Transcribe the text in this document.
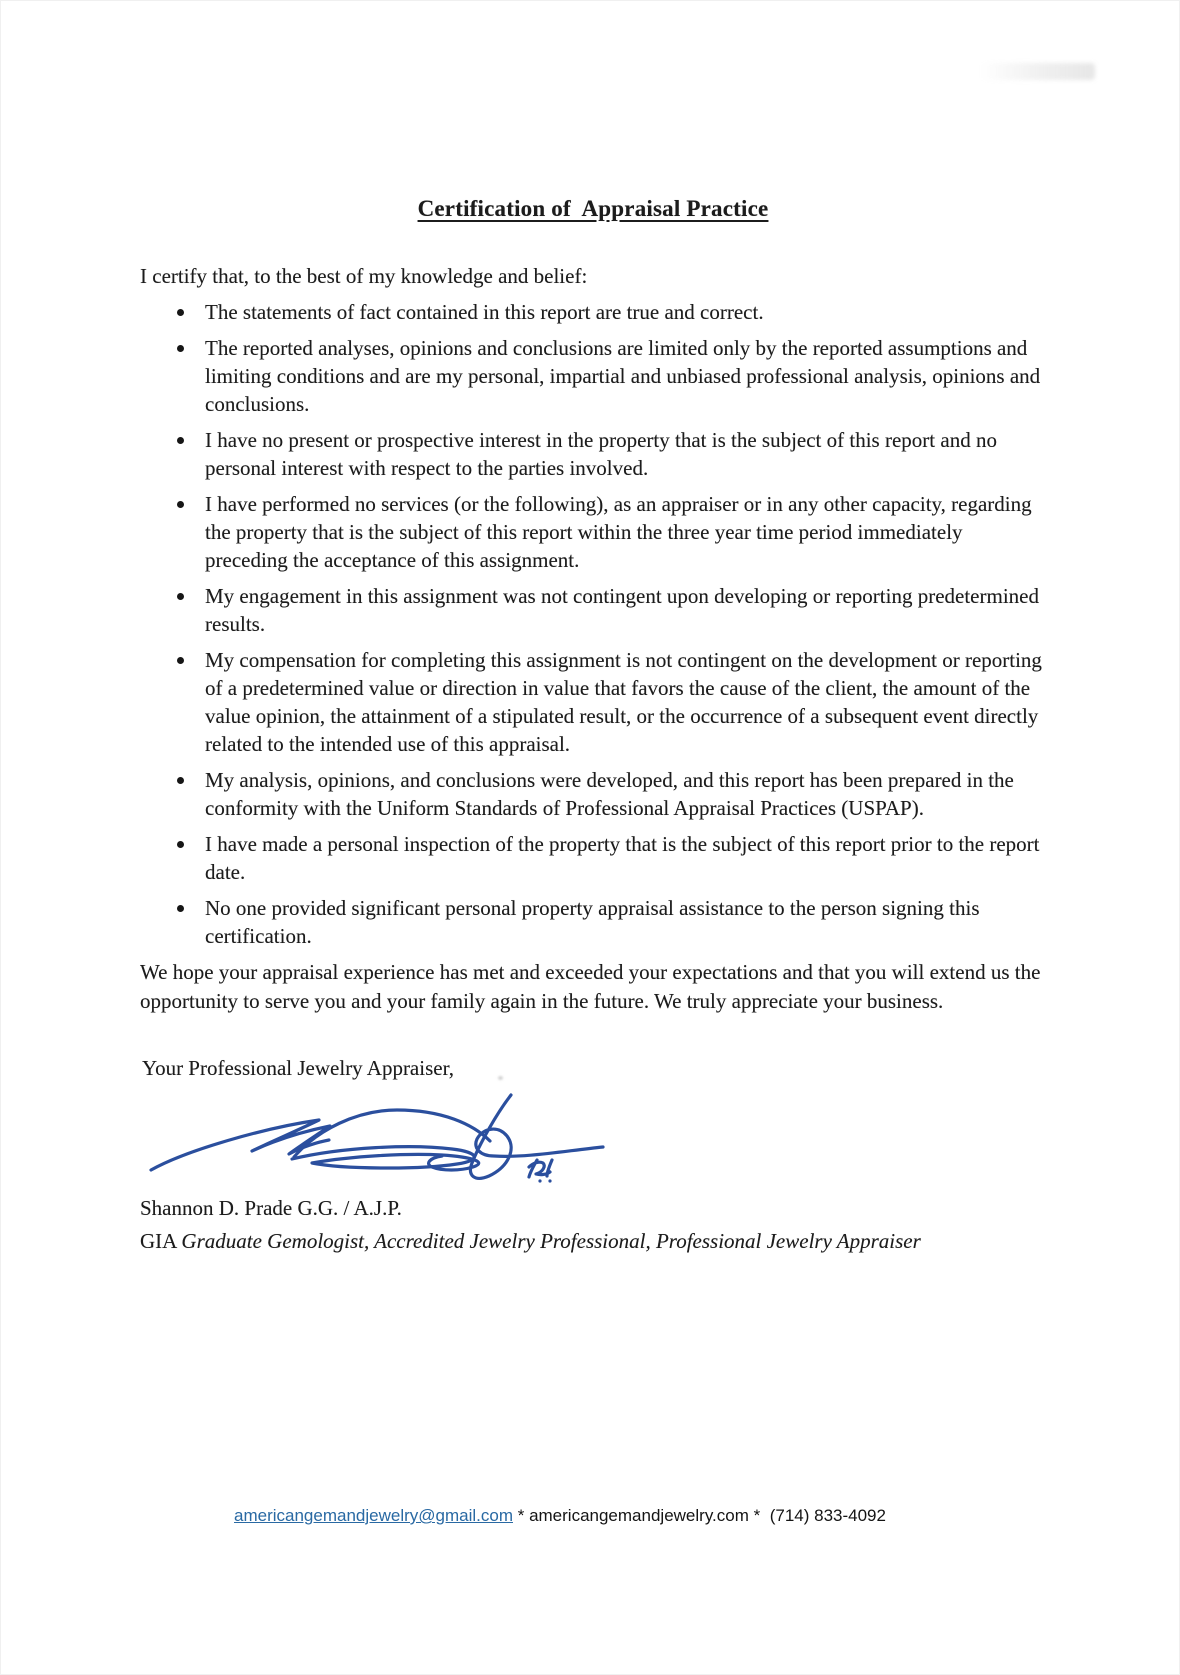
Certification of  Appraisal Practice

I certify that, to the best of my knowledge and belief:

The statements of fact contained in this report are true and correct.
The reported analyses, opinions and conclusions are limited only by the reported assumptions and limiting conditions and are my personal, impartial and unbiased professional analysis, opinions and conclusions.
I have no present or prospective interest in the property that is the subject of this report and no personal interest with respect to the parties involved.
I have performed no services (or the following), as an appraiser or in any other capacity, regarding the property that is the subject of this report within the three year time period immediately preceding the acceptance of this assignment.
My engagement in this assignment was not contingent upon developing or reporting predetermined results.
My compensation for completing this assignment is not contingent on the development or reporting of a predetermined value or direction in value that favors the cause of the client, the amount of the value opinion, the attainment of a stipulated result, or the occurrence of a subsequent event directly related to the intended use of this appraisal.
My analysis, opinions, and conclusions were developed, and this report has been prepared in the conformity with the Uniform Standards of Professional Appraisal Practices (USPAP).
I have made a personal inspection of the property that is the subject of this report prior to the report date.
No one provided significant personal property appraisal assistance to the person signing this certification.

We hope your appraisal experience has met and exceeded your expectations and that you will extend us the opportunity to serve you and your family again in the future. We truly appreciate your business.

Your Professional Jewelry Appraiser,

Shannon D. Prade G.G. / A.J.P.

GIA Graduate Gemologist, Accredited Jewelry Professional, Professional Jewelry Appraiser

americangemandjewelry@gmail.com * americangemandjewelry.com *  (714) 833-4092
